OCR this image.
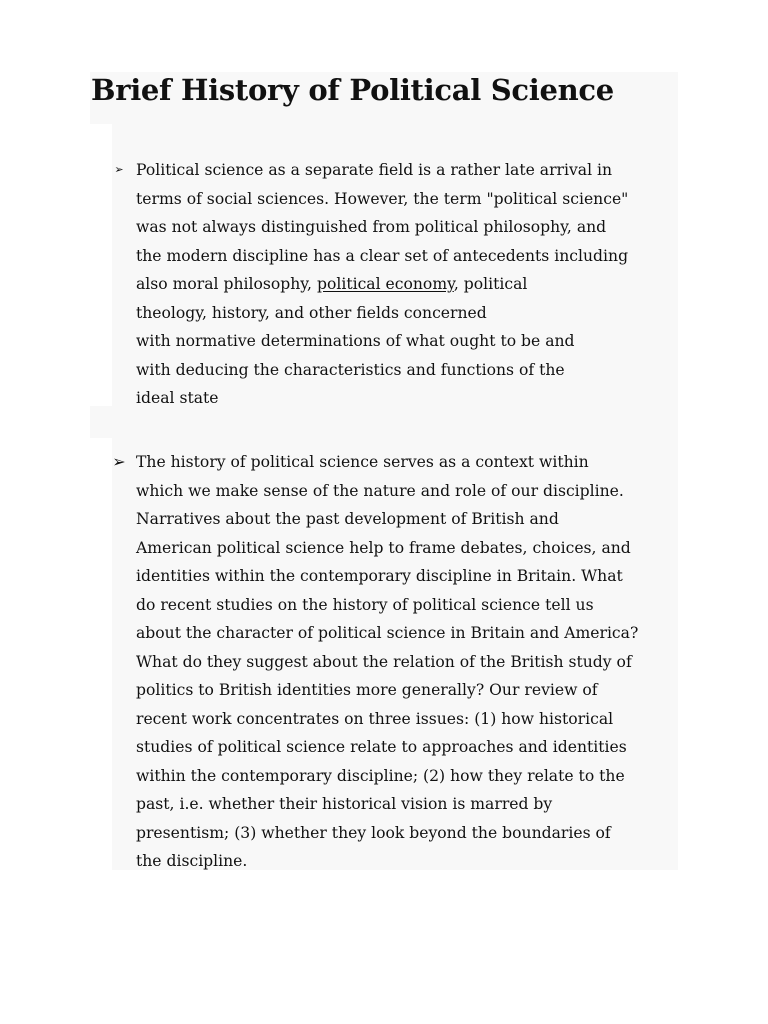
Brief History of Political Science
➢ Political science as a separate field is a rather late arrival in
terms of social sciences. However, the term "political science"
was not always distinguished from political philosophy, and
the modern discipline has a clear set of antecedents including
also moral philosophy, political economy, political
theology, history, and other fields concerned
with normative determinations of what ought to be and
with deducing the characteristics and functions of the
ideal state
➢ The history of political science serves as a context within
which we make sense of the nature and role of our discipline.
Narratives about the past development of British and
American political science help to frame debates, choices, and
identities within the contemporary discipline in Britain. What
do recent studies on the history of political science tell us
about the character of political science in Britain and America?
What do they suggest about the relation of the British study of
politics to British identities more generally? Our review of
recent work concentrates on three issues: (1) how historical
studies of political science relate to approaches and identities
within the contemporary discipline; (2) how they relate to the
past, i.e. whether their historical vision is marred by
presentism; (3) whether they look beyond the boundaries of
the discipline.
